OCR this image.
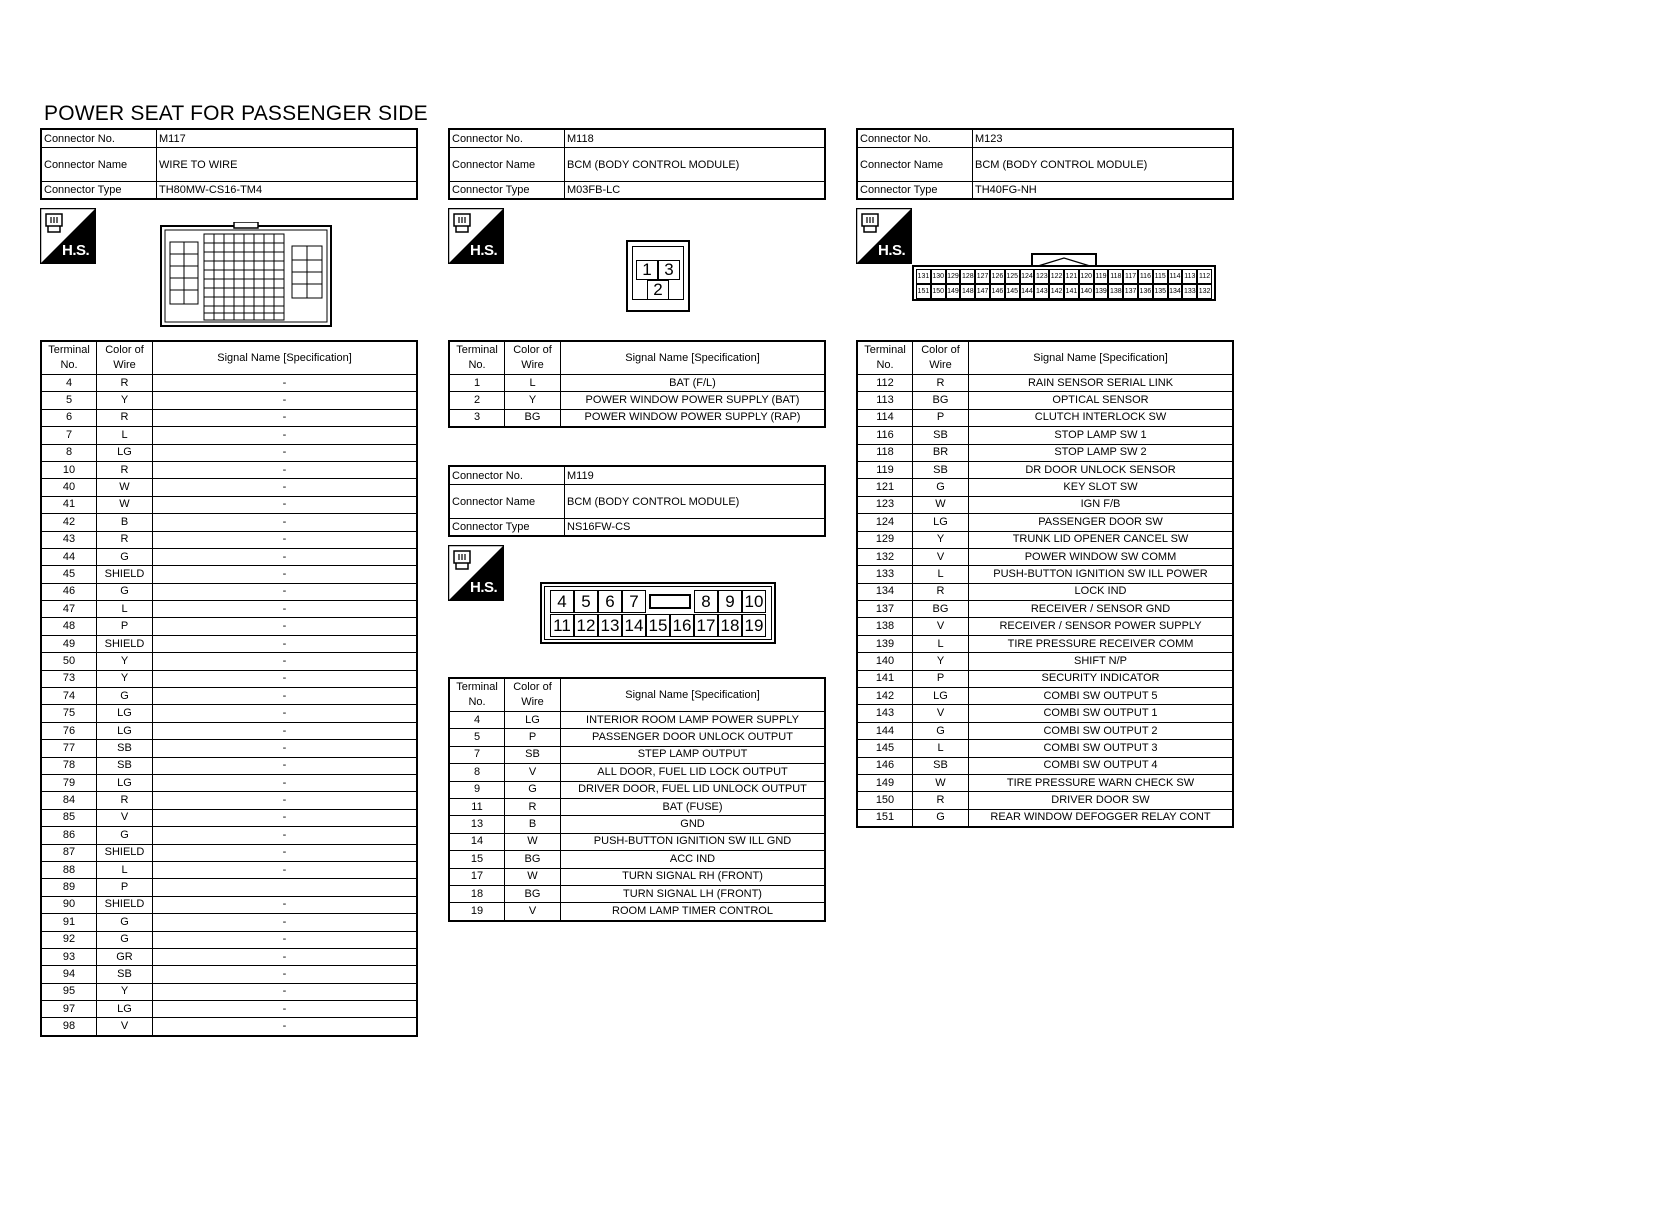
POWER SEAT FOR PASSENGER SIDE
Connector No.	M117
Connector Name	WIRE TO WIRE
Connector Type	TH80MW-CS16-TM4
H.S.
Terminal No.	Color of Wire	Signal Name [Specification]
4	R	-
5	Y	-
6	R	-
7	L	-
8	LG	-
10	R	-
40	W	-
41	W	-
42	B	-
43	R	-
44	G	-
45	SHIELD	-
46	G	-
47	L	-
48	P	-
49	SHIELD	-
50	Y	-
73	Y	-
74	G	-
75	LG	-
76	LG	-
77	SB	-
78	SB	-
79	LG	-
84	R	-
85	V	-
86	G	-
87	SHIELD	-
88	L	-
89	P	
90	SHIELD	-
91	G	-
92	G	-
93	GR	-
94	SB	-
95	Y	-
97	LG	-
98	V	-
Connector No.	M118
Connector Name	BCM (BODY CONTROL MODULE)
Connector Type	M03FB-LC
H.S.
1 3
2
Terminal No.	Color of Wire	Signal Name [Specification]
1	L	BAT (F/L)
2	Y	POWER WINDOW POWER SUPPLY (BAT)
3	BG	POWER WINDOW POWER SUPPLY (RAP)
Connector No.	M119
Connector Name	BCM (BODY CONTROL MODULE)
Connector Type	NS16FW-CS
H.S.
4 5 6 7	8 9 10
11 12 13 14 15 16 17 18 19
Terminal No.	Color of Wire	Signal Name [Specification]
4	LG	INTERIOR ROOM LAMP POWER SUPPLY
5	P	PASSENGER DOOR UNLOCK OUTPUT
7	SB	STEP LAMP OUTPUT
8	V	ALL DOOR, FUEL LID LOCK OUTPUT
9	G	DRIVER DOOR, FUEL LID UNLOCK OUTPUT
11	R	BAT (FUSE)
13	B	GND
14	W	PUSH-BUTTON IGNITION SW ILL GND
15	BG	ACC IND
17	W	TURN SIGNAL RH (FRONT)
18	BG	TURN SIGNAL LH (FRONT)
19	V	ROOM LAMP TIMER CONTROL
Connector No.	M123
Connector Name	BCM (BODY CONTROL MODULE)
Connector Type	TH40FG-NH
H.S.
131 130 129 128 127 126 125 124 123 122 121 120 119 118 117 116 115 114 113 112
151 150 149 148 147 146 145 144 143 142 141 140 139 138 137 136 135 134 133 132
Terminal No.	Color of Wire	Signal Name [Specification]
112	R	RAIN SENSOR SERIAL LINK
113	BG	OPTICAL SENSOR
114	P	CLUTCH INTERLOCK SW
116	SB	STOP LAMP SW 1
118	BR	STOP LAMP SW 2
119	SB	DR DOOR UNLOCK SENSOR
121	G	KEY SLOT SW
123	W	IGN F/B
124	LG	PASSENGER DOOR SW
129	Y	TRUNK LID OPENER CANCEL SW
132	V	POWER WINDOW SW COMM
133	L	PUSH-BUTTON IGNITION SW ILL POWER
134	R	LOCK IND
137	BG	RECEIVER / SENSOR GND
138	V	RECEIVER / SENSOR POWER SUPPLY
139	L	TIRE PRESSURE RECEIVER COMM
140	Y	SHIFT N/P
141	P	SECURITY INDICATOR
142	LG	COMBI SW OUTPUT 5
143	V	COMBI SW OUTPUT 1
144	G	COMBI SW OUTPUT 2
145	L	COMBI SW OUTPUT 3
146	SB	COMBI SW OUTPUT 4
149	W	TIRE PRESSURE WARN CHECK SW
150	R	DRIVER DOOR SW
151	G	REAR WINDOW DEFOGGER RELAY CONT
